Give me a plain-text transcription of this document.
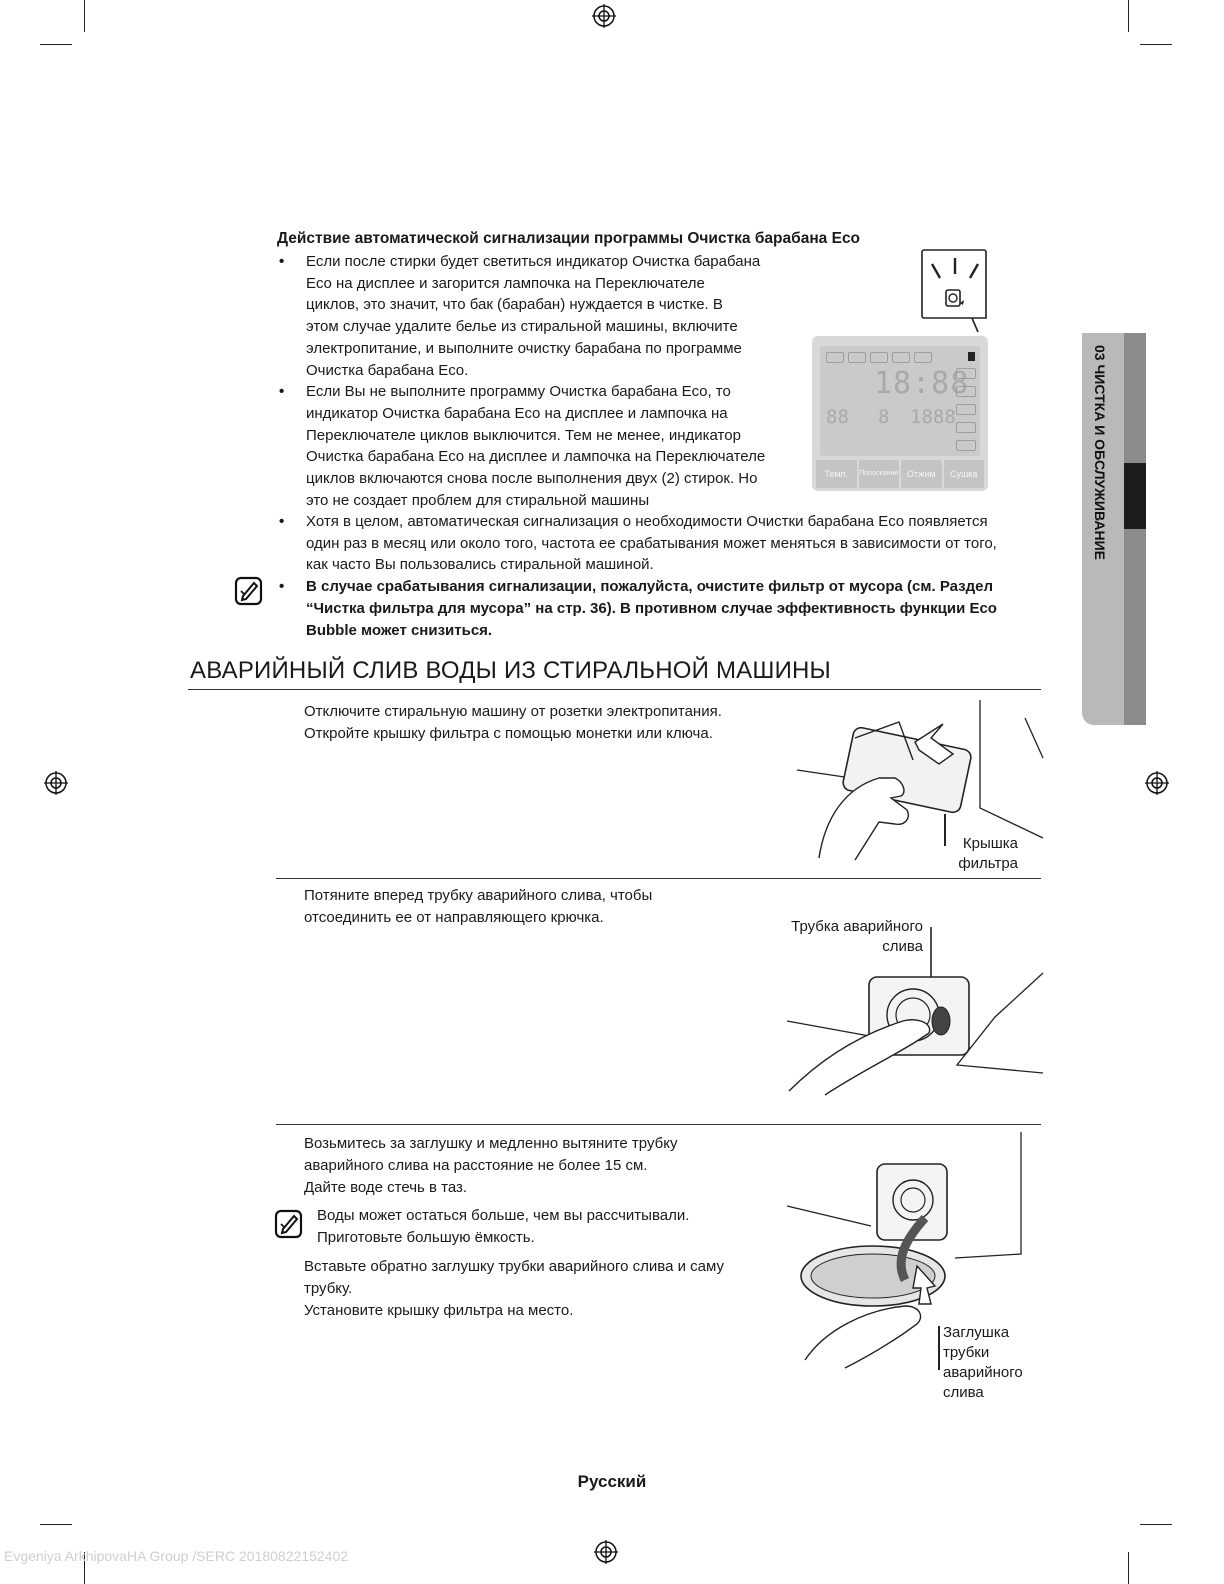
03 ЧИСТКА И ОБСЛУЖИВАНИЕ
Действие автоматической сигнализации программы Очистка барабана Eco
• Если после стирки будет светиться индикатор Очистка барабана
Eco на дисплее и загорится лампочка на Переключателе
циклов, это значит, что бак (барабан) нуждается в чистке. В
этом случае удалите белье из стиральной машины, включите
электропитание, и выполните очистку барабана по программе
Очистка барабана Eco.
• Если Вы не выполните программу Очистка барабана Eco, то
индикатор Очистка барабана Eco на дисплее и лампочка на
Переключателе циклов выключится. Тем не менее, индикатор
Очистка барабана Eco на дисплее и лампочка на Переключателе
циклов включаются снова после выполнения двух (2) стирок. Но
это не создает проблем для стиральной машины
• Хотя в целом, автоматическая сигнализация о необходимости Очистки барабана Eco появляется
один раз в месяц или около того, частота ее срабатывания может меняться в зависимости от того,
как часто Вы пользовались стиральной машиной.
• В случае срабатывания сигнализации, пожалуйста, очистите фильтр от мусора (см. Раздел
“Чистка фильтра для мусора” на стр. 36). В противном случае эффективность функции Eco
Bubble может снизиться.
18:88
88 8 1888
Темп.	Полоскание Отжим	Сушка
АВАРИЙНЫЙ СЛИВ ВОДЫ ИЗ СТИРАЛЬНОЙ МАШИНЫ
Отключите стиральную машину от розетки электропитания.
Откройте крышку фильтра с помощью монетки или ключа.
Крышка
фильтра
Потяните вперед трубку аварийного слива, чтобы
отсоединить ее от направляющего крючка.
Трубка аварийного
слива
Возьмитесь за заглушку и медленно вытяните трубку
аварийного слива на расстояние не более 15 см.
Дайте воде стечь в таз.
Воды может остаться больше, чем вы рассчитывали.
Приготовьте большую ёмкость.
Вставьте обратно заглушку трубки аварийного слива и саму
трубку.
Установите крышку фильтра на место.
Заглушка
трубки
аварийного
слива
Русский
Evgeniya ArkhipovaHA Group /SERC 20180822152402
